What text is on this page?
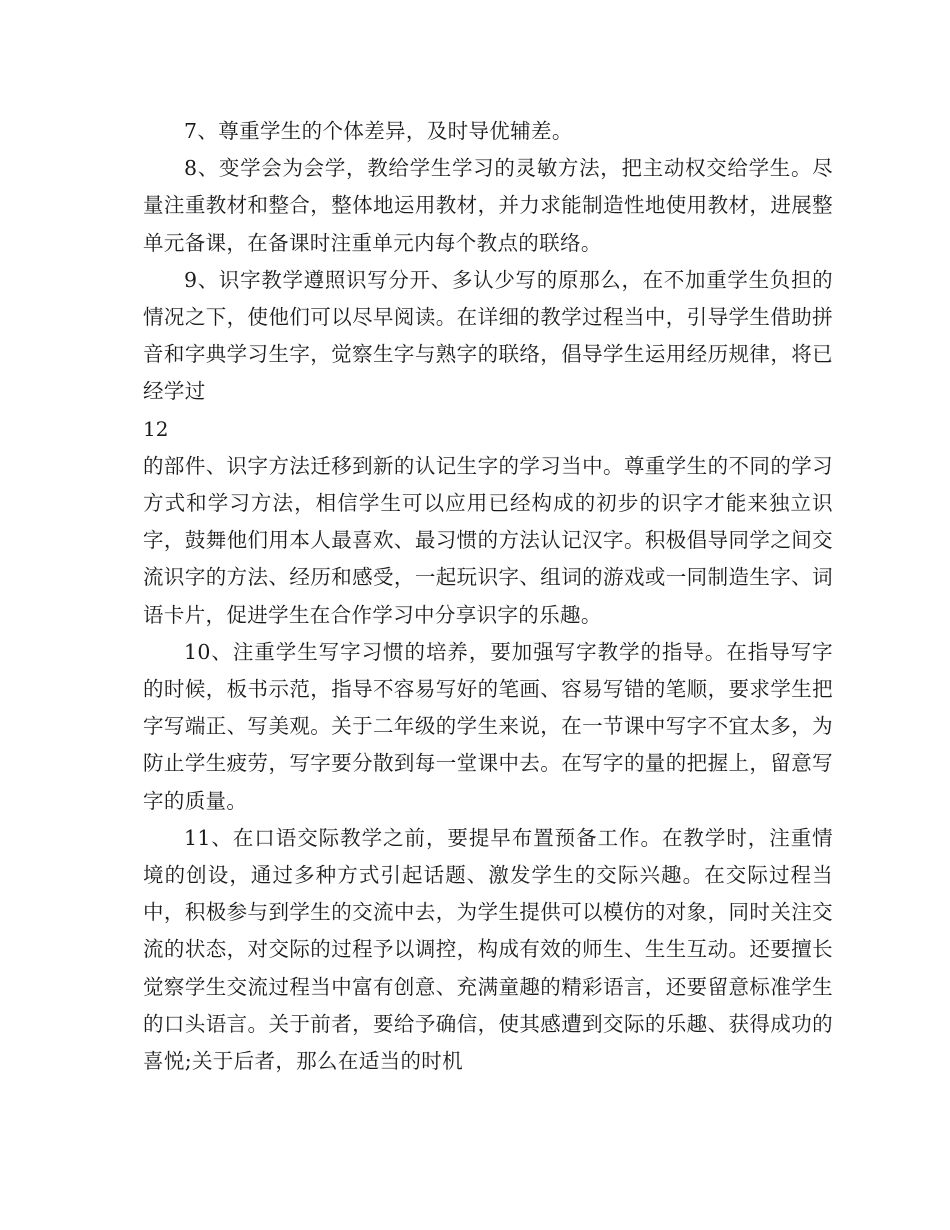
7、尊重学生的个体差异，及时导优辅差。

8、变学会为会学，教给学生学习的灵敏方法，把主动权交给学生。尽量注重教材和整合，整体地运用教材，并力求能制造性地使用教材，进展整单元备课，在备课时注重单元内每个教点的联络。

9、识字教学遵照识写分开、多认少写的原那么，在不加重学生负担的情况之下，使他们可以尽早阅读。在详细的教学过程当中，引导学生借助拼音和字典学习生字，觉察生字与熟字的联络，倡导学生运用经历规律，将已经学过

12

的部件、识字方法迁移到新的认记生字的学习当中。尊重学生的不同的学习方式和学习方法，相信学生可以应用已经构成的初步的识字才能来独立识字，鼓舞他们用本人最喜欢、最习惯的方法认记汉字。积极倡导同学之间交流识字的方法、经历和感受，一起玩识字、组词的游戏或一同制造生字、词语卡片，促进学生在合作学习中分享识字的乐趣。

10、注重学生写字习惯的培养，要加强写字教学的指导。在指导写字的时候，板书示范，指导不容易写好的笔画、容易写错的笔顺，要求学生把字写端正、写美观。关于二年级的学生来说，在一节课中写字不宜太多，为防止学生疲劳，写字要分散到每一堂课中去。在写字的量的把握上，留意写字的质量。

11、在口语交际教学之前，要提早布置预备工作。在教学时，注重情境的创设，通过多种方式引起话题、激发学生的交际兴趣。在交际过程当中，积极参与到学生的交流中去，为学生提供可以模仿的对象，同时关注交流的状态，对交际的过程予以调控，构成有效的师生、生生互动。还要擅长觉察学生交流过程当中富有创意、充满童趣的精彩语言，还要留意标准学生的口头语言。关于前者，要给予确信，使其感遭到交际的乐趣、获得成功的喜悦;关于后者，那么在适当的时机
